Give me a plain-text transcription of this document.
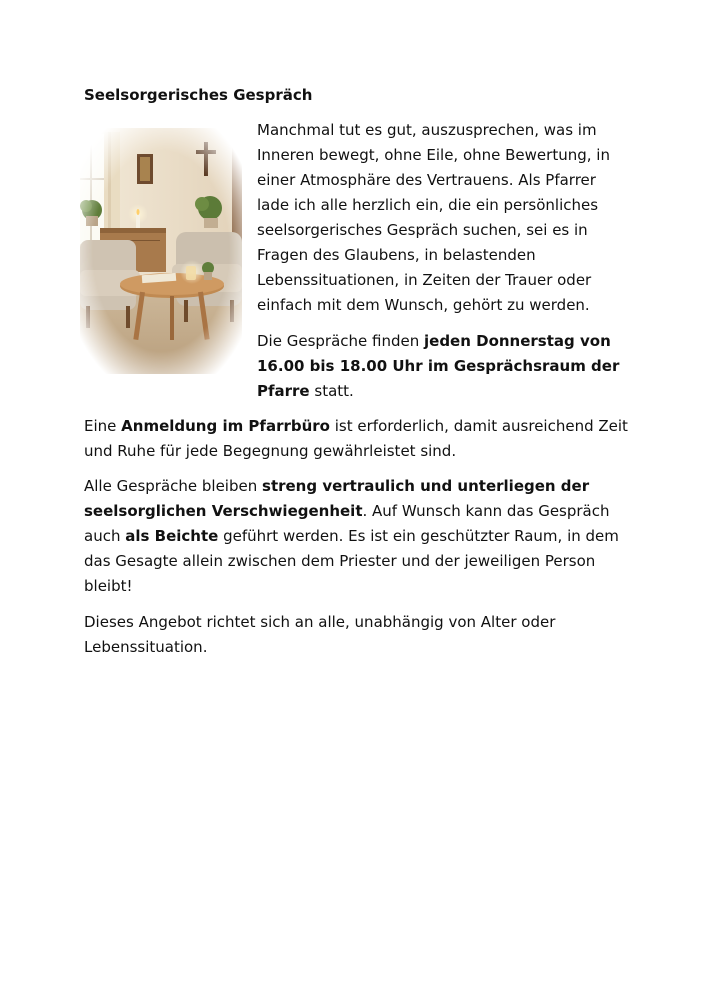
Seelsorgerisches Gespräch

Manchmal tut es gut, auszusprechen, was im Inneren bewegt, ohne Eile, ohne Bewertung, in einer Atmosphäre des Vertrauens. Als Pfarrer lade ich alle herzlich ein, die ein persönliches seelsorgerisches Gespräch suchen, sei es in Fragen des Glaubens, in belastenden Lebenssituationen, in Zeiten der Trauer oder einfach mit dem Wunsch, gehört zu werden.

Die Gespräche finden jeden Donnerstag von 16.00 bis 18.00 Uhr im Gesprächsraum der Pfarre statt.

Eine Anmeldung im Pfarrbüro ist erforderlich, damit ausreichend Zeit und Ruhe für jede Begegnung gewährleistet sind.

Alle Gespräche bleiben streng vertraulich und unterliegen der seelsorglichen Verschwiegenheit. Auf Wunsch kann das Gespräch auch als Beichte geführt werden. Es ist ein geschützter Raum, in dem das Gesagte allein zwischen dem Priester und der jeweiligen Person bleibt!

Dieses Angebot richtet sich an alle, unabhängig von Alter oder Lebenssituation.
